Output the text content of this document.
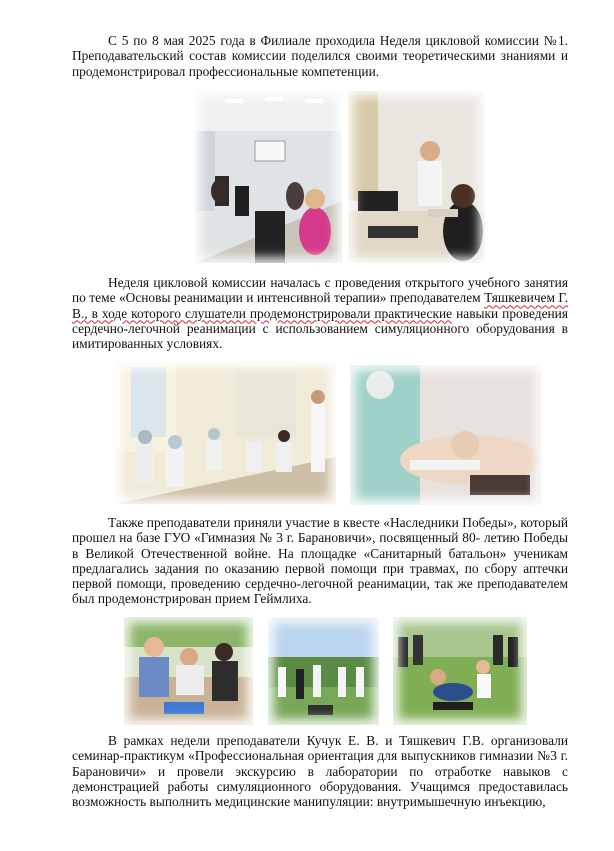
С 5 по 8 мая 2025 года в Филиале проходила Неделя цикловой комиссии №1. Преподавательский состав комиссии поделился своими теоретическими знаниями и продемонстрировал профессиональные компетенции.

Неделя цикловой комиссии началась с проведения открытого учебного занятия по теме «Основы реанимации и интенсивной терапии» преподавателем Тяшкевичем Г. В., в ходе которого слушатели продемонстрировали практические навыки проведения сердечно-легочной реанимации с использованием симуляционного оборудования в имитированных условиях.

Также преподаватели приняли участие в квесте «Наследники Победы», который прошел на базе ГУО «Гимназия № 3 г. Барановичи», посвященный 80- летию Победы в Великой Отечественной войне. На площадке «Санитарный батальон» ученикам предлагались задания по оказанию первой помощи при травмах, по сбору аптечки первой помощи, проведению сердечно-легочной реанимации, так же преподавателем был продемонстрирован прием Геймлиха.

В рамках недели преподаватели Кучук Е. В. и Тяшкевич Г.В. организовали семинар-практикум «Профессиональная ориентация для выпускников гимназии №3 г. Барановичи» и провели экскурсию в лаборатории по отработке навыков с демонстрацией работы симуляционного оборудования. Учащимся предоставилась возможность выполнить медицинские манипуляции: внутримышечную инъекцию,
